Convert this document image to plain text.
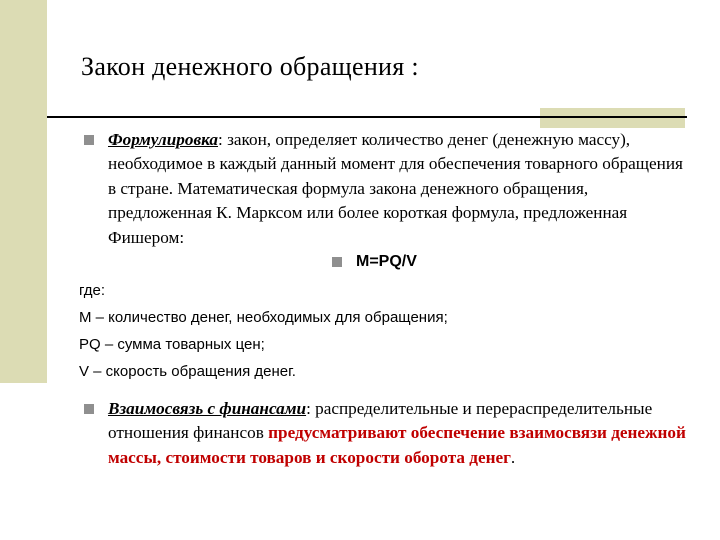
Закон денежного обращения :
Формулировка: закон, определяет количество денег (денежную массу), необходимое в каждый данный момент для обеспечения товарного обращения в стране. Математическая формула закона денежного обращения, предложенная К. Марксом или более короткая формула, предложенная Фишером:
M=PQ/V
где:
M – количество денег, необходимых для обращения;
PQ – сумма товарных цен;
V – скорость обращения денег.
Взаимосвязь с финансами: распределительные и перераспределительные отношения финансов предусматривают обеспечение взаимосвязи денежной массы, стоимости товаров и скорости оборота денег.
